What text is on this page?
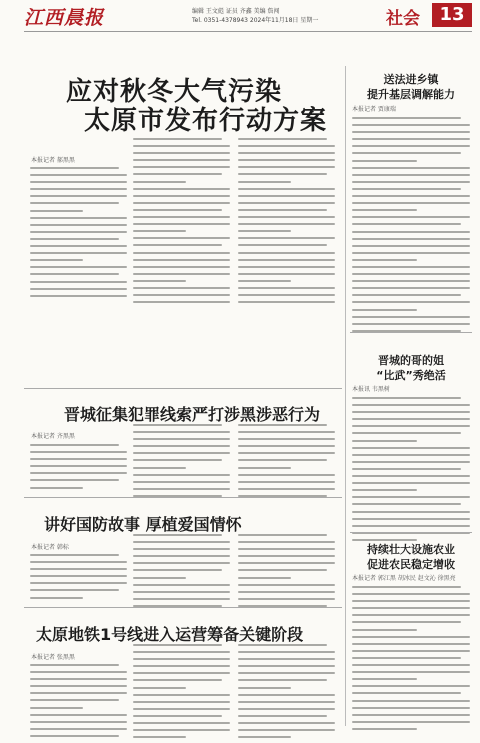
江西晨报	编辑 王文彪 证员 齐鑫 美编 詹闯
Tel. 0351-4378943 2024年11月18日 星期一	社会	13
应对秋冬大气污染
太原市发布行动方案
本报记者 郝黑黑
晋城征集犯罪线索严打涉黑涉恶行为
本报记者 齐黑黑
讲好国防故事 厚植爱国情怀
本报记者 韩标
太原地铁1号线进入运营筹备关键阶段
本报记者 张黑黑
送法进乡镇
提升基层调解能力
本报记者 贾康瑞
晋城的哥的姐
“比武”秀绝活
本报讯 韦黑树
持续壮大设施农业
促进农民稳定增收
本报记者 郭江黑 胡冰民 赵文沁 徐黑亮
